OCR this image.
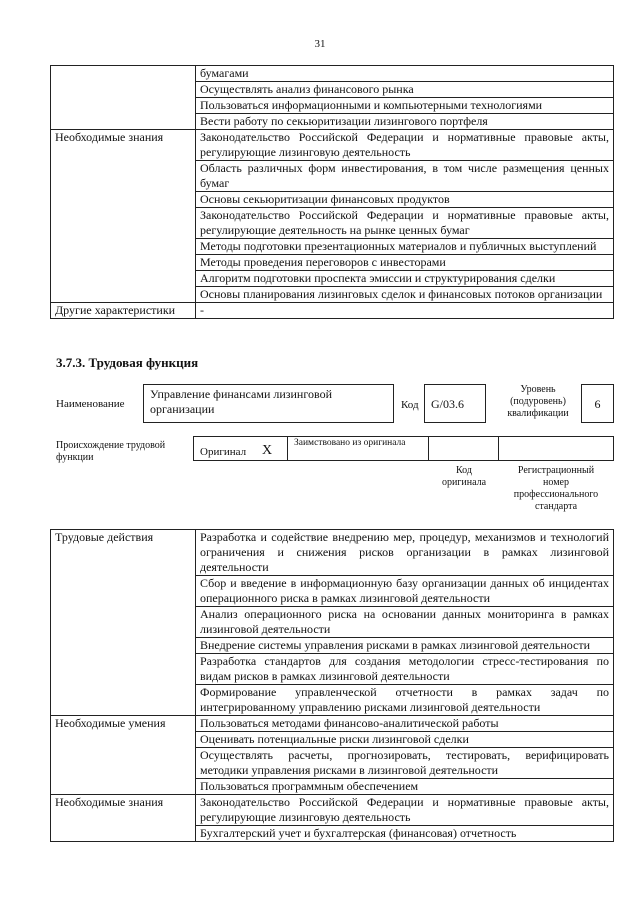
31
	бумагами
	Осуществлять анализ финансового рынка
	Пользоваться информационными и компьютерными технологиями
	Вести работу по секьюритизации лизингового портфеля
Необходимые знания	Законодательство Российской Федерации и нормативные правовые акты, регулирующие лизинговую деятельность
	Область различных форм инвестирования, в том числе размещения ценных бумаг
	Основы секьюритизации финансовых продуктов
	Законодательство Российской Федерации и нормативные правовые акты, регулирующие деятельность на рынке ценных бумаг
	Методы подготовки презентационных материалов и публичных выступлений
	Методы проведения переговоров с инвесторами
	Алгоритм подготовки проспекта эмиссии и структурирования сделки
	Основы планирования лизинговых сделок и финансовых потоков организации
Другие характеристики	-
3.7.3. Трудовая функция
Наименование
Управление финансами лизинговой организации	Код	G/03.6
Уровень (подуровень) квалификации
6
Происхождение трудовой функции	Оригинал X Заимствовано из оригинала
Код оригинала
Регистрационный номер профессионального стандарта
Трудовые действия	Разработка и содействие внедрению мер, процедур, механизмов и технологий ограничения и снижения рисков организации в рамках лизинговой деятельности
	Сбор и введение в информационную базу организации данных об инцидентах операционного риска в рамках лизинговой деятельности
	Анализ операционного риска на основании данных мониторинга в рамках лизинговой деятельности
	Внедрение системы управления рисками в рамках лизинговой деятельности
	Разработка стандартов для создания методологии стресс-тестирования по видам рисков в рамках лизинговой деятельности
	Формирование управленческой отчетности в рамках задач по интегрированному управлению рисками лизинговой деятельности
Необходимые умения	Пользоваться методами финансово-аналитической работы
	Оценивать потенциальные риски лизинговой сделки
	Осуществлять расчеты, прогнозировать, тестировать, верифицировать методики управления рисками в лизинговой деятельности
	Пользоваться программным обеспечением
Необходимые знания	Законодательство Российской Федерации и нормативные правовые акты, регулирующие лизинговую деятельность
	Бухгалтерский учет и бухгалтерская (финансовая) отчетность
